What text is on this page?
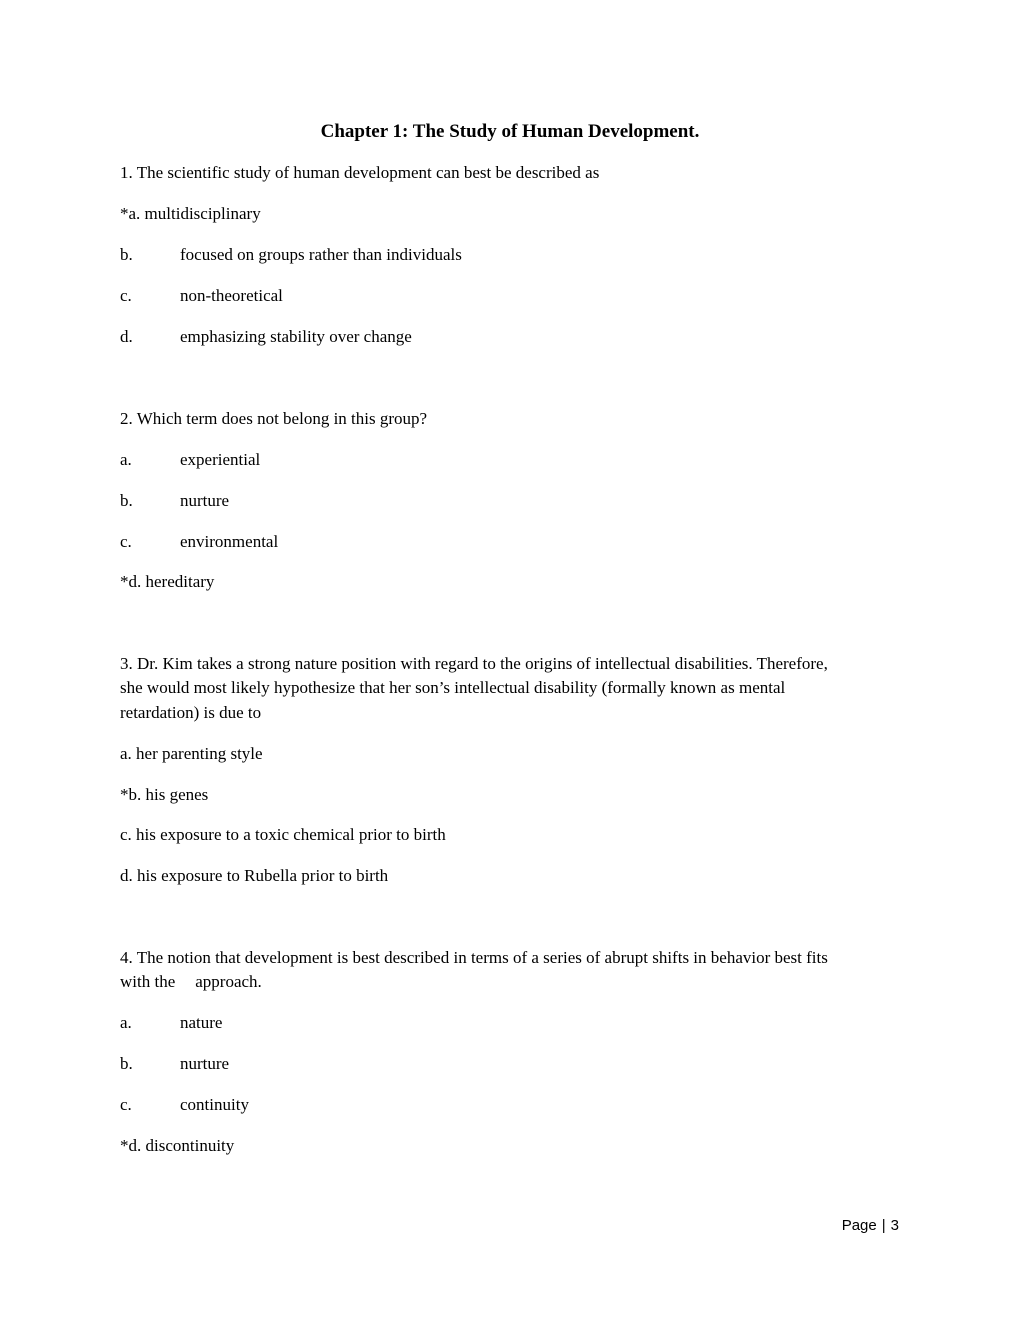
Chapter 1: The Study of Human Development.
1. The scientific study of human development can best be described as
*a. multidisciplinary
b.	focused on groups rather than individuals
c.	non-theoretical
d.	emphasizing stability over change
2. Which term does not belong in this group?
a.	experiential
b.	nurture
c.	environmental
*d. hereditary
3. Dr. Kim takes a strong nature position with regard to the origins of intellectual disabilities. Therefore,
she would most likely hypothesize that her son’s intellectual disability (formally known as mental
retardation) is due to
a. her parenting style
*b. his genes
c. his exposure to a toxic chemical prior to birth
d. his exposure to Rubella prior to birth
4. The notion that development is best described in terms of a series of abrupt shifts in behavior best fits
with the approach.
a.	nature
b.	nurture
c.	continuity
*d. discontinuity
Page | 3
